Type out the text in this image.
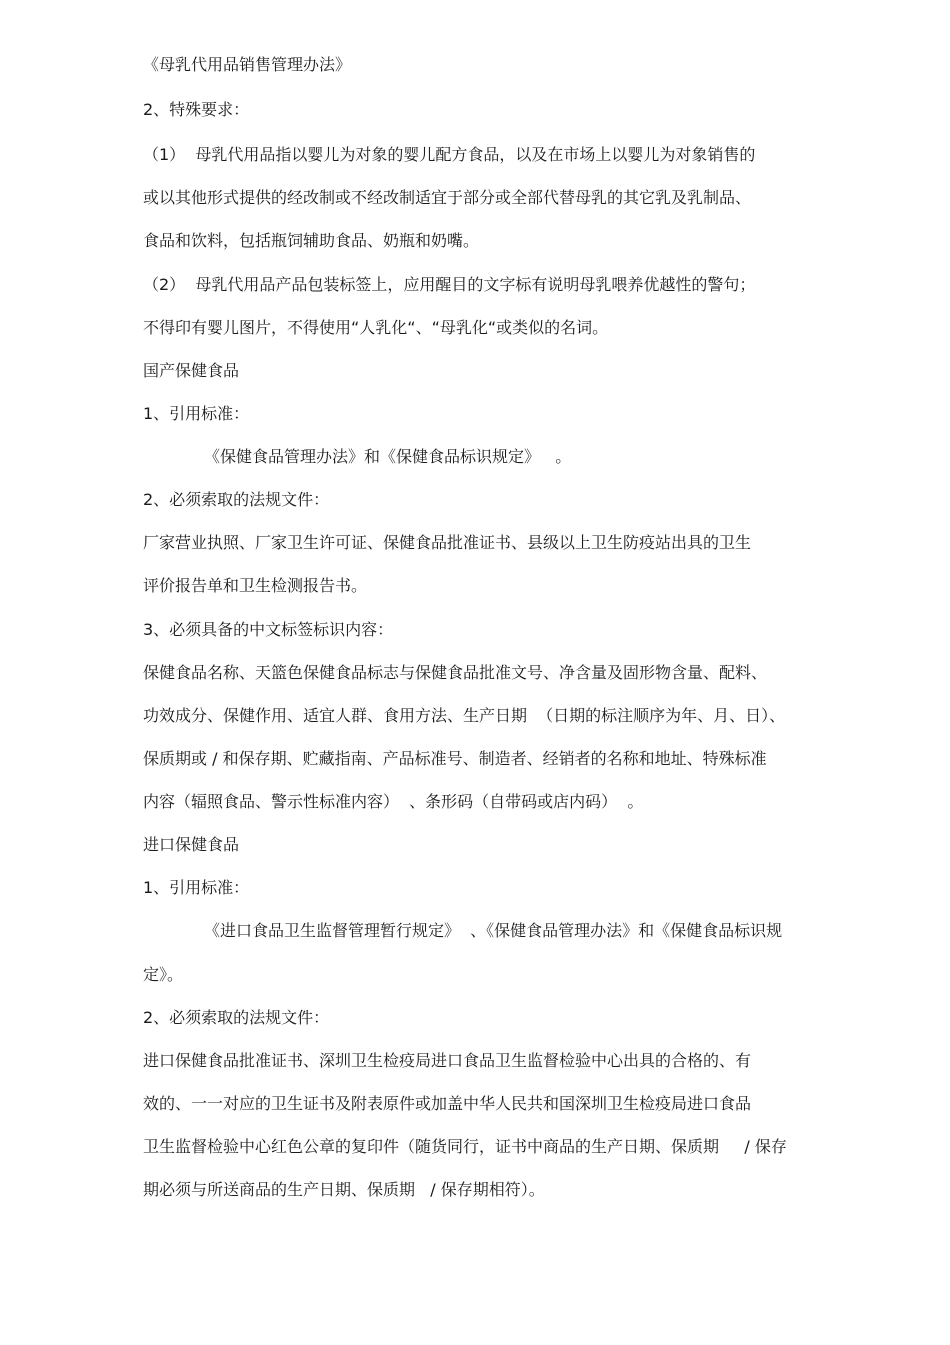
《母乳代用品销售管理办法》
2、特殊要求：
（1）  母乳代用品指以婴儿为对象的婴儿配方食品，以及在市场上以婴儿为对象销售的
或以其他形式提供的经改制或不经改制适宜于部分或全部代替母乳的其它乳及乳制品、
食品和饮料，包括瓶饲辅助食品、奶瓶和奶嘴。
（2）  母乳代用品产品包装标签上，应用醒目的文字标有说明母乳喂养优越性的警句；
不得印有婴儿图片，不得使用“人乳化“、“母乳化“或类似的名词。
国产保健食品
1、引用标准：
《保健食品管理办法》和《保健食品标识规定》   。
2、必须索取的法规文件：
厂家营业执照、厂家卫生许可证、保健食品批准证书、县级以上卫生防疫站出具的卫生
评价报告单和卫生检测报告书。
3、必须具备的中文标签标识内容：
保健食品名称、天篮色保健食品标志与保健食品批准文号、净含量及固形物含量、配料、
功效成分、保健作用、适宜人群、食用方法、生产日期  （日期的标注顺序为年、月、日）、
保质期或 / 和保存期、贮藏指南、产品标准号、制造者、经销者的名称和地址、特殊标准
内容（辐照食品、警示性标准内容）  、条形码（自带码或店内码）  。
进口保健食品
1、引用标准：
《进口食品卫生监督管理暂行规定》  、《保健食品管理办法》和《保健食品标识规
定》。
2、必须索取的法规文件：
进口保健食品批准证书、深圳卫生检疫局进口食品卫生监督检验中心出具的合格的、有
效的、一一对应的卫生证书及附表原件或加盖中华人民共和国深圳卫生检疫局进口食品
卫生监督检验中心红色公章的复印件（随货同行，证书中商品的生产日期、保质期     / 保存
期必须与所送商品的生产日期、保质期   / 保存期相符）。
